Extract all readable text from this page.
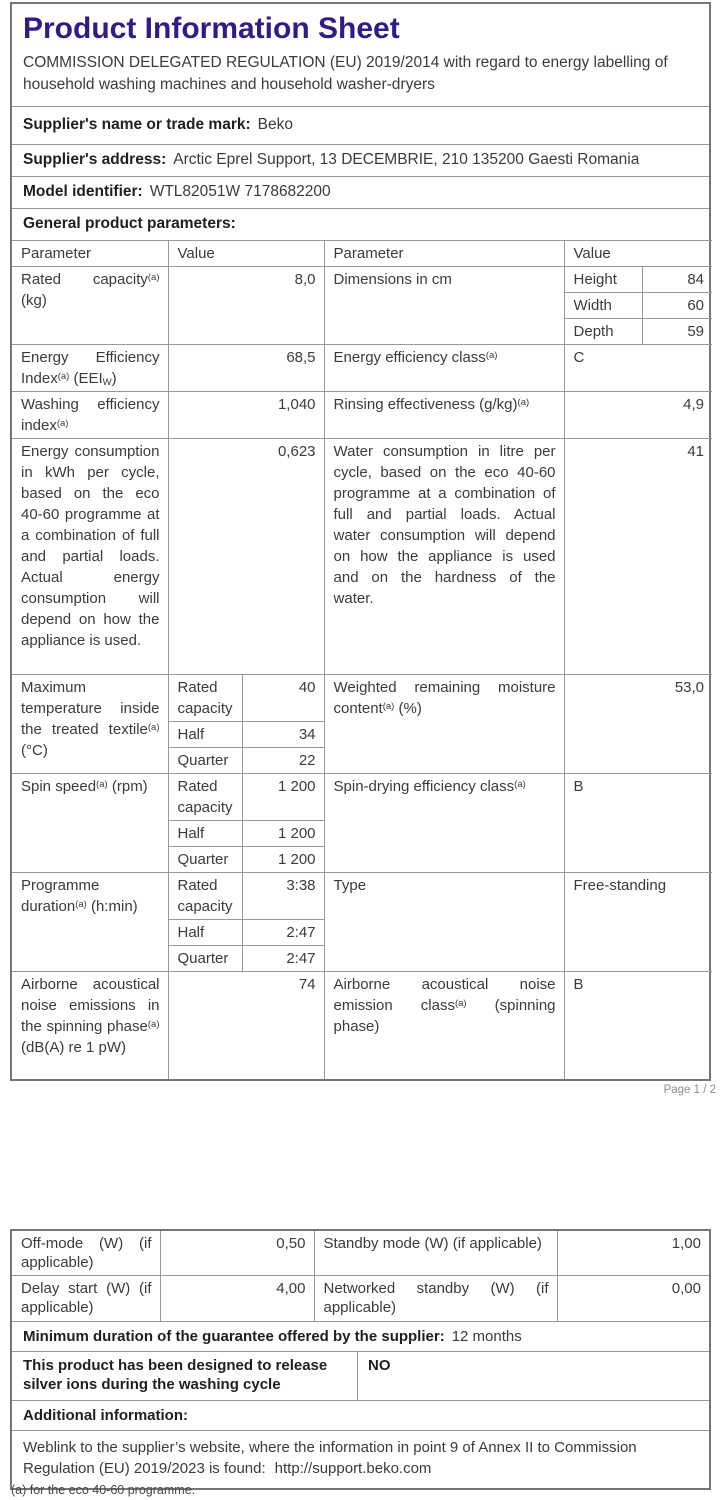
Product Information Sheet
COMMISSION DELEGATED REGULATION (EU) 2019/2014 with regard to energy labelling of household washing machines and household washer-dryers
Supplier's name or trade mark: Beko
Supplier's address: Arctic Eprel Support, 13 DECEMBRIE, 210 135200 Gaesti Romania
Model identifier: WTL82051W 7178682200
General product parameters:
Parameter	Value		Parameter	Value	
Rated capacity$^{(a)}$ (kg)	8,0		Dimensions in cm	Height	84
				Width	60
				Depth	59
Energy Efficiency Index$^{(a)}$ $(EEI_W)$	68,5		Energy efficiency class$^{(a)}$	C	
Washing efficiency index$^{(a)}$	1,040		Rinsing effectiveness $(g/kg)^{(a)}$	4,9	
Energy consumption in kWh per cycle, based on the eco 40-60 programme at a combination of full and partial loads. Actual energy consumption will depend on how the appliance is used.	0,623		Water consumption in litre per cycle, based on the eco 40-60 programme at a combination of full and partial loads. Actual water consumption will depend on how the appliance is used and on the hardness of the water.	41	
Maximum temperature inside the treated textile$^{(a)}$ (°C)	Rated capacity	40	Weighted remaining moisture content$^{(a)}$ (%)	53,0	
	Half	34			
	Quarter	22			
Spin speed$^{(a)}$ (rpm)	Rated capacity	1 200	Spin-drying efficiency class$^{(a)}$	B	
	Half	1 200			
	Quarter	1 200			
Programme duration$^{(a)}$ (h:min)	Rated capacity	3:38	Type	Free-standing	
	Half	2:47			
	Quarter	2:47			
Airborne acoustical noise emissions in the spinning phase$^{(a)}$ (dB(A) re 1 pW)	74		Airborne acoustical noise emission class$^{(a)}$ (spinning phase)	B	
Page 1 / 2
Off-mode (W) (if applicable)	0,50	Standby mode (W) (if applicable)	1,00
Delay start (W) (if applicable)	4,00	Networked standby (W) (if applicable)	0,00
Minimum duration of the guarantee offered by the supplier: 12 months
This product has been designed to release silver ions during the washing cycle
NO
Additional information:
Weblink to the supplier’s website, where the information in point 9 of Annex II to Commission Regulation (EU) 2019/2023 is found: http://support.beko.com
(a) for the eco 40-60 programme.
